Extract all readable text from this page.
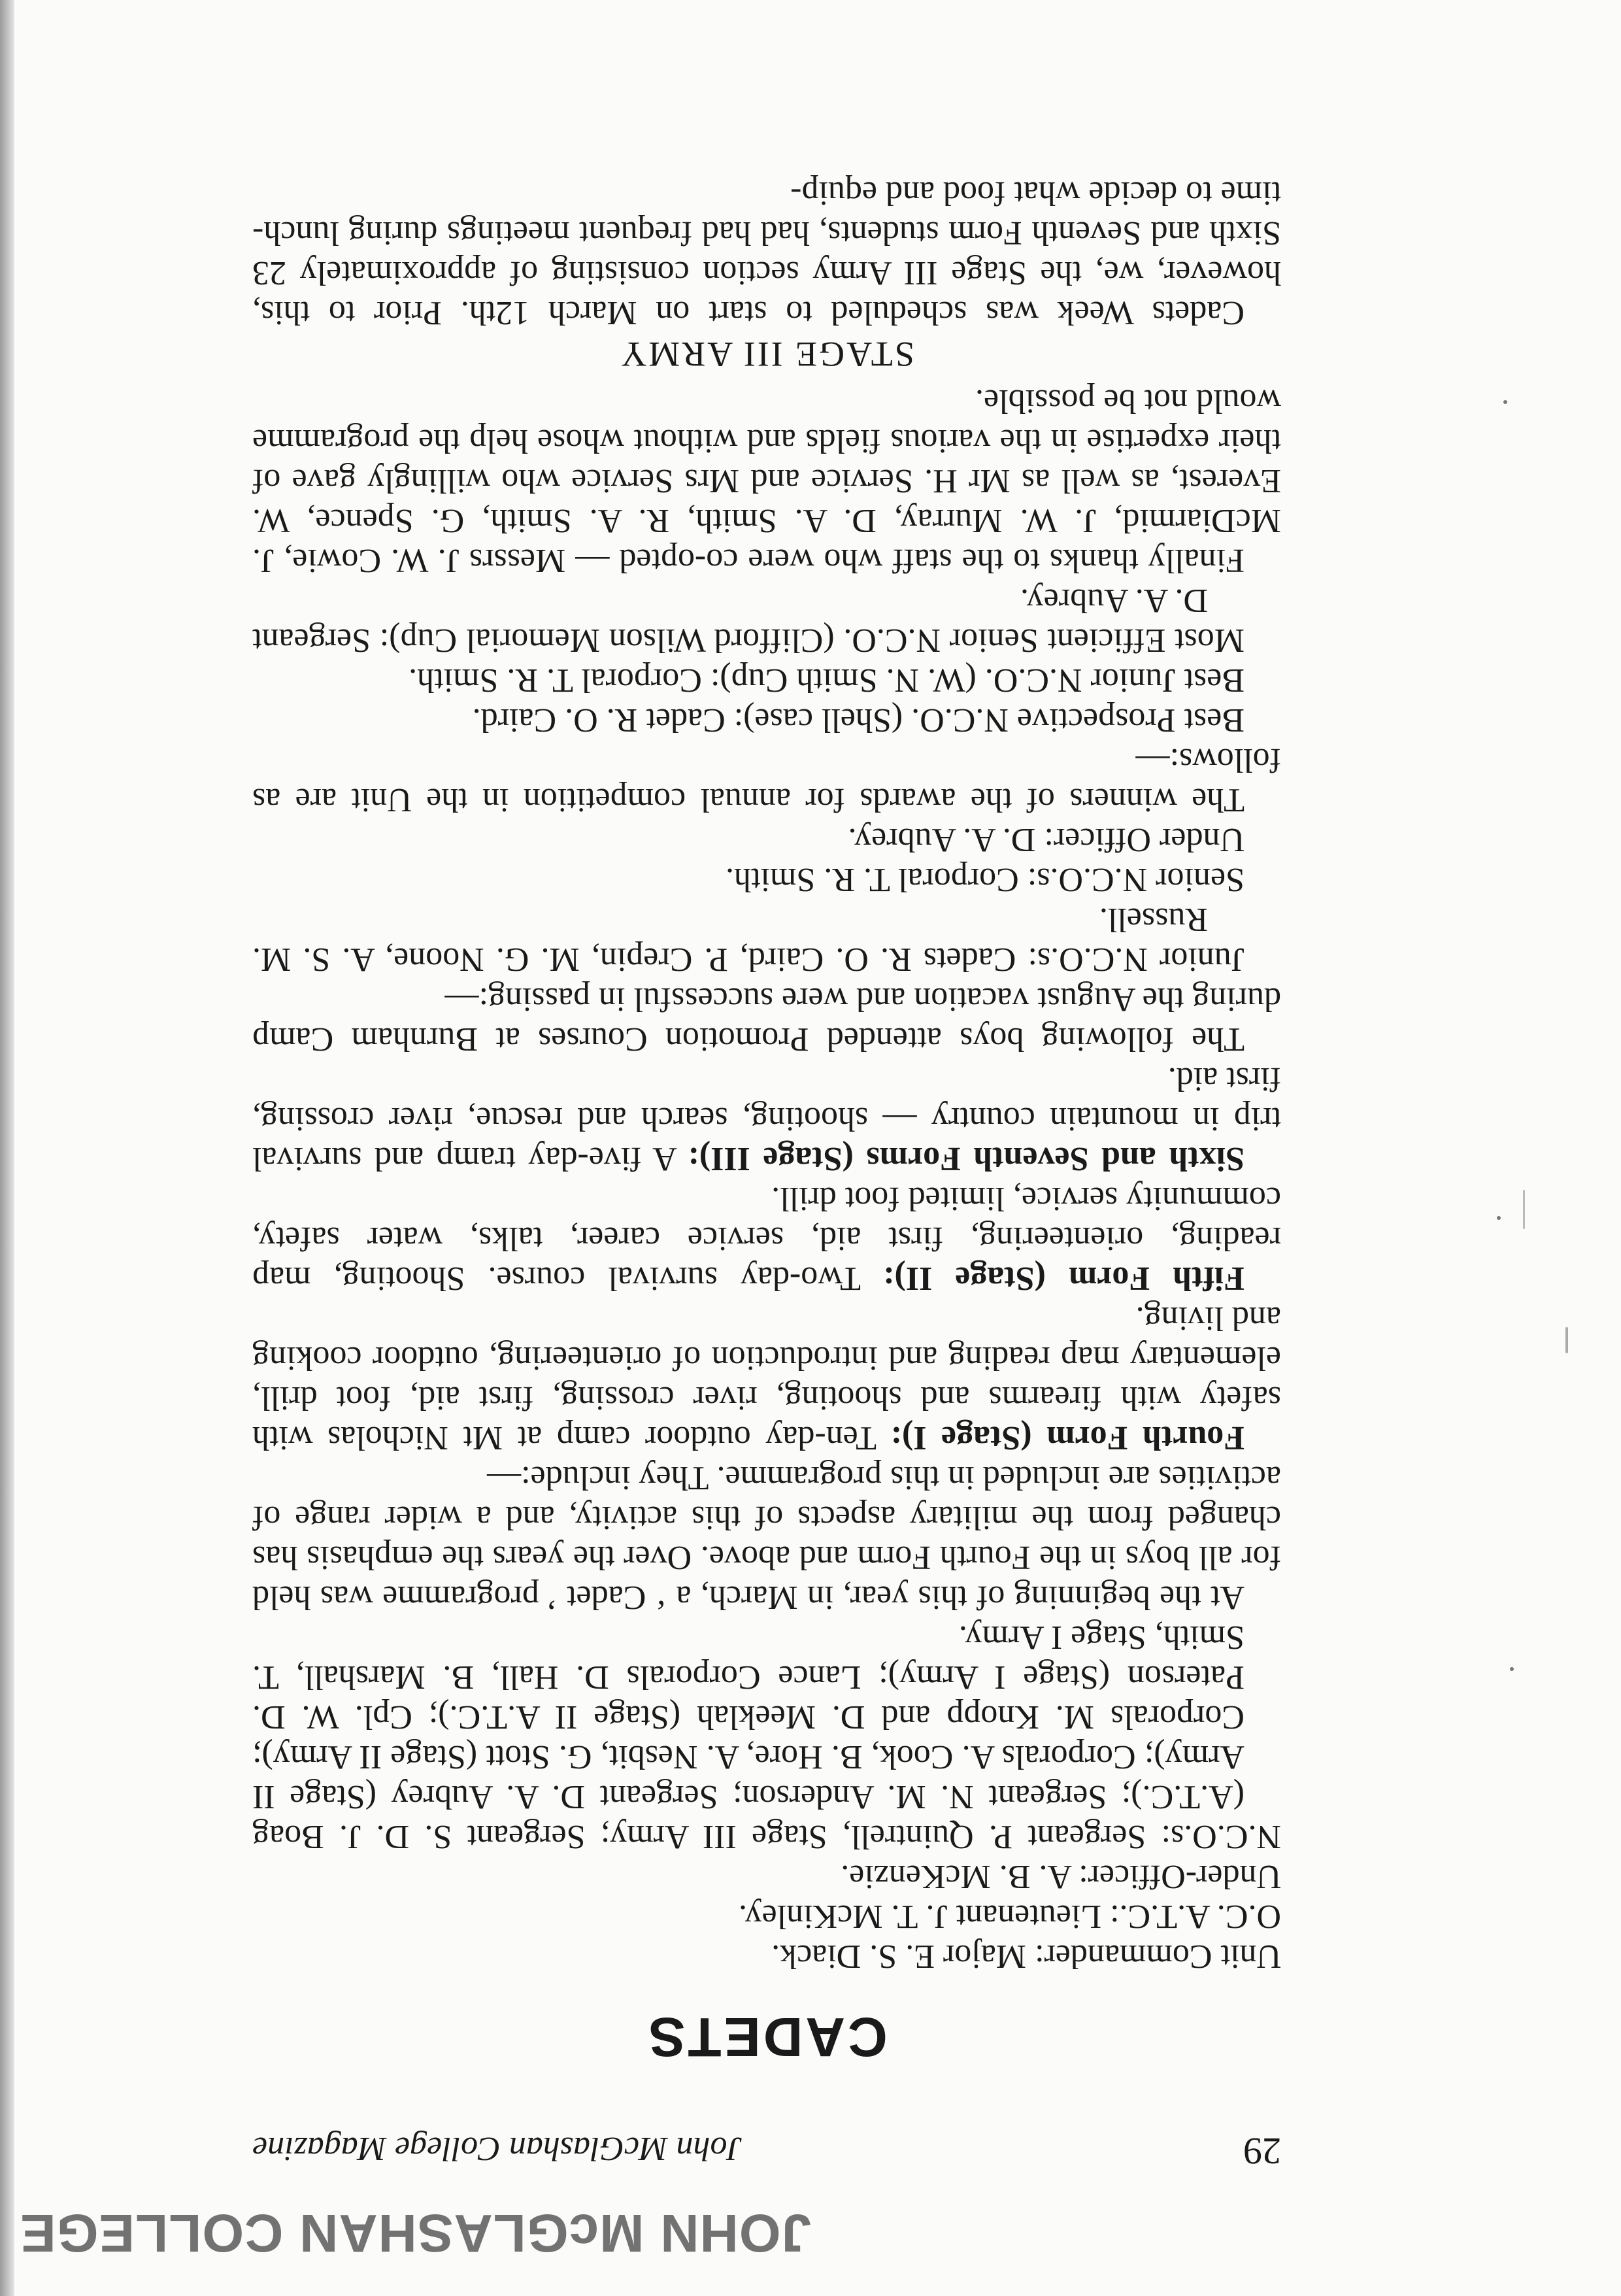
JOHN McGLASHAN COLLEGE
29
John McGlashan College Magazine
CADETS

Unit Commander: Major E. S. Diack.

O.C. A.T.C.: Lieutenant J. T. McKinley.

Under-Officer: A. B. McKenzie.

N.C.O.s: Sergeant P. Quintrell, Stage III Army; Sergeant S. D. J. Boag (A.T.C.); Sergeant N. M. Anderson; Sergeant D. A. Aubrey (Stage II Army); Corporals A. Cook, B. Hore, A. Nesbit, G. Stott (Stage II Army); Corporals M. Knopp and D. Meeklah (Stage II A.T.C.); Cpl. W. D. Paterson (Stage I Army); Lance Corporals D. Hall, B. Marshall, T. Smith, Stage I Army.

At the beginning of this year, in March, a ‘ Cadet ’ programme was held for all boys in the Fourth Form and above. Over the years the emphasis has changed from the military aspects of this activity, and a wider range of activities are included in this programme. They include:—

Fourth Form (Stage I): Ten-day outdoor camp at Mt Nicholas with safety with firearms and shooting, river crossing, first aid, foot drill, elementary map reading and introduction of orienteering, outdoor cooking and living.

Fifth Form (Stage II): Two-day survival course. Shooting, map reading, orienteering, first aid, service career, talks, water safety, community service, limited foot drill.

Sixth and Seventh Forms (Stage III): A five-day tramp and survival trip in mountain country — shooting, search and rescue, river crossing, first aid.

The following boys attended Promotion Courses at Burnham Camp during the August vacation and were successful in passing:—

Junior N.C.O.s: Cadets R. O. Caird, P. Crepin, M. G. Noone, A. S. M. Russell.

Senior N.C.O.s: Corporal T. R. Smith.

Under Officer: D. A. Aubrey.

The winners of the awards for annual competition in the Unit are as follows:—

Best Prospective N.C.O. (Shell case): Cadet R. O. Caird.

Best Junior N.C.O. (W. N. Smith Cup): Corporal T. R. Smith.

Most Efficient Senior N.C.O. (Clifford Wilson Memorial Cup): Sergeant D. A. Aubrey.

Finally thanks to the staff who were co-opted — Messrs J. W. Cowie, J. McDiarmid, J. W. Murray, D. A. Smith, R. A. Smith, G. Spence, W. Everest, as well as Mr H. Service and Mrs Service who willingly gave of their expertise in the various fields and without whose help the programme would not be possible.

STAGE III ARMY

Cadets Week was scheduled to start on March 12th. Prior to this, however, we, the Stage III Army section consisting of approximately 23 Sixth and Seventh Form students, had had frequent meetings during lunch-time to decide what food and equip-
